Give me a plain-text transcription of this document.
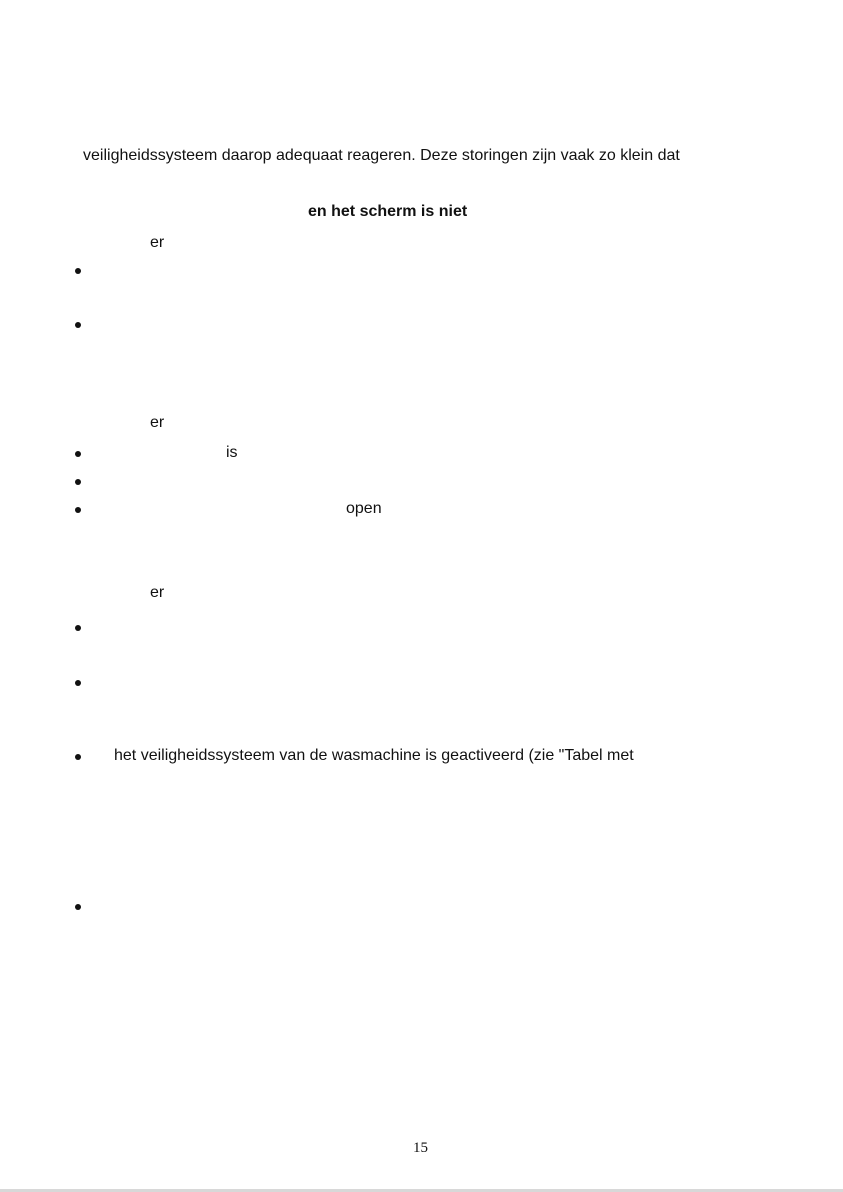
veiligheidssysteem daarop adequaat reageren. Deze storingen zijn vaak zo klein dat
en het scherm is niet
er
er
is
open
er
het veiligheidssysteem van de wasmachine is geactiveerd (zie "Tabel met
15
